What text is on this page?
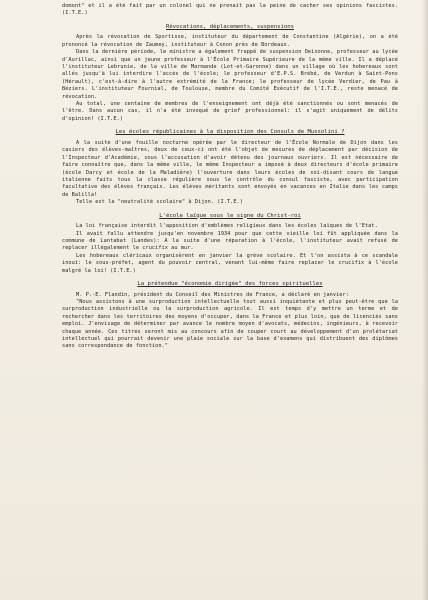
domont" et il a été fait par un colonel qui ne prenait pas la peine de cacher ses opinions fascistes. (I.T.E.)

Révocations, déplacements, suspensions

Après la révocation de Sportisse, instituteur du département de Constantine (Algérie), on a été prononcé la révocation de Zaumey, instituteur à Conon près de Bordeaux.

Dans la dernière période, le ministre a également frappé de suspension Deixonne, professeur au lycée d'Aurillac, ainsi que un jeune professeur à l'École Primaire Supérieure de la même ville. Il a déplacé l'instituteur Lebrunie, de la ville de Marmande (Lot-et-Garonne) dans un village où les hobereaux sont allés jusqu'à lui interdire l'accès de l'école; le professeur d'E.P.S. Brébé, de Verdun à Saint-Pons (Hérault), c'est-à-dire à l'autre extrémité de la France; le professeur de lycée Verdier, de Pau à Béziers. L'instituteur Fournial, de Toulouse, membre du Comité Exécutif de l'I.T.E., reste menacé de révocation.

Au total, une centaine de membres de l'enseignement ont déjà été sanctionnés ou sont menacés de l'être. Dans aucun cas, il n'a été invoqué de grief professionnel: il s'agit uniquement de délits d'opinion! (I.T.E.)

Les écoles républicaines à la disposition des Consuls de Mussolini ?

A la suite d'une fouille nocturne opérée par le directeur de l'École Normale de Dijon dans les casiers des élèves-maîtres, deux de ceux-ci ont été l'objet de mesures de déplacement par décision de l'Inspecteur d'Académie, sous l'accusation d'avoir détenu des journaux ouvriers. Il est nécessaire de faire connaître que, dans la même ville, le même Inspecteur a imposé à deux directeurs d'école primaire (école Darcy et école de la Maladière) l'ouverture dans leurs écoles de soi-disant cours de langue italienne faits tous la classe régulière sous le contrôle du consul fasciste, avec participation facultative des élèves français. Les élèves méritants sont envoyés en vacances en Italie dans les camps de Balilla!

Telle est la "neutralité scolaire" à Dijon. (I.T.E.)

L'école laïque sous le signe du Christ-roi

La loi française interdit l'apposition d'emblèmes religieux dans les écoles laïques de l'Etat.

Il avait fallu attendre jusqu'en novembre 1934 pour que cette vieille loi fût appliquée dans la commune de Lantabat (Landes): A la suite d'une réparation à l'école, l'instituteur avait refusé de replacer illégalement le crucifix au mur.

Les hobereaux cléricaux organisèrent en janvier la grève scolaire. Et l'on assista à ce scandale inouï: le sous-préfet, agent du pouvoir central, venant lui-même faire replacer le crucifix à l'école malgré la loi! (I.T.E.)

La prétendue "économie dirigée" des forces spirituelles

M. P.-E. Flandin, président du Conseil des Ministres de France, a déclaré en janvier:

"Nous assistons à une surproduction intellectuelle tout aussi inquiétante et plus peut-être que la surproduction industrielle ou la surproduction agricole. Il est temps d'y mettre un terme et de rechercher dans les territoires des moyens d'occuper, dans la France et plus loin, que de licenciés sans emploi. J'envisage de déterminer par avance le nombre moyen d'avocats, médecins, ingénieurs, à recevoir chaque année. Ces titres seront mis au concours afin de couper court au développement d'un prolétariat intellectuel qui pourrait devenir une plaie sociale sur la base d'examens qui distribuent des diplômes sans correspondance de fonction."
